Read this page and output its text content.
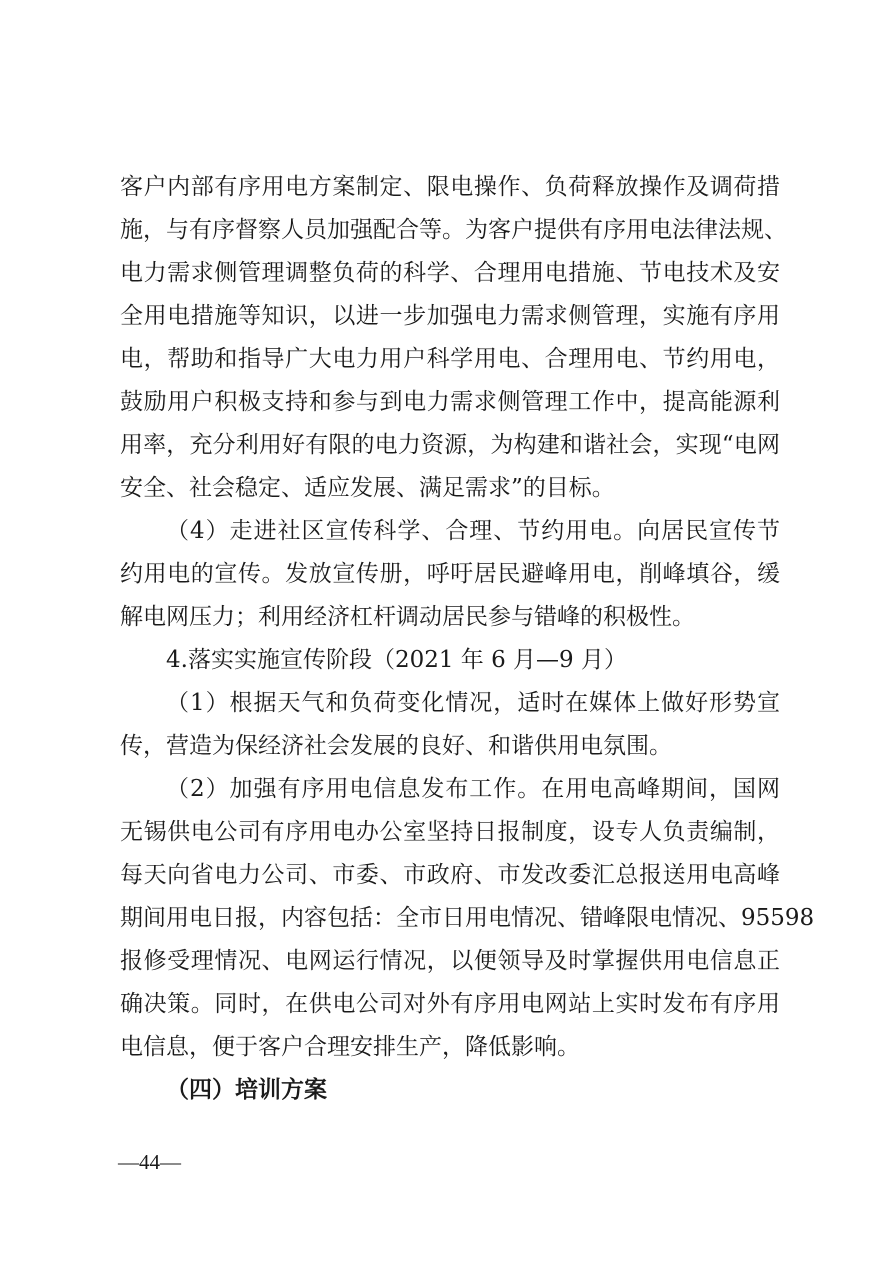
客户内部有序用电方案制定、限电操作、负荷释放操作及调荷措
施，与有序督察人员加强配合等。为客户提供有序用电法律法规、
电力需求侧管理调整负荷的科学、合理用电措施、节电技术及安
全用电措施等知识，以进一步加强电力需求侧管理，实施有序用
电，帮助和指导广大电力用户科学用电、合理用电、节约用电，
鼓励用户积极支持和参与到电力需求侧管理工作中，提高能源利
用率，充分利用好有限的电力资源，为构建和谐社会，实现“电网
安全、社会稳定、适应发展、满足需求”的目标。
（4）走进社区宣传科学、合理、节约用电。向居民宣传节
约用电的宣传。发放宣传册，呼吁居民避峰用电，削峰填谷，缓
解电网压力；利用经济杠杆调动居民参与错峰的积极性。
4.落实实施宣传阶段（2021 年 6 月—9 月）
（1）根据天气和负荷变化情况，适时在媒体上做好形势宣
传，营造为保经济社会发展的良好、和谐供用电氛围。
（2）加强有序用电信息发布工作。在用电高峰期间，国网
无锡供电公司有序用电办公室坚持日报制度，设专人负责编制，
每天向省电力公司、市委、市政府、市发改委汇总报送用电高峰
期间用电日报，内容包括：全市日用电情况、错峰限电情况、95598
报修受理情况、电网运行情况，以便领导及时掌握供用电信息正
确决策。同时，在供电公司对外有序用电网站上实时发布有序用
电信息，便于客户合理安排生产，降低影响。
（四）培训方案
—44—
